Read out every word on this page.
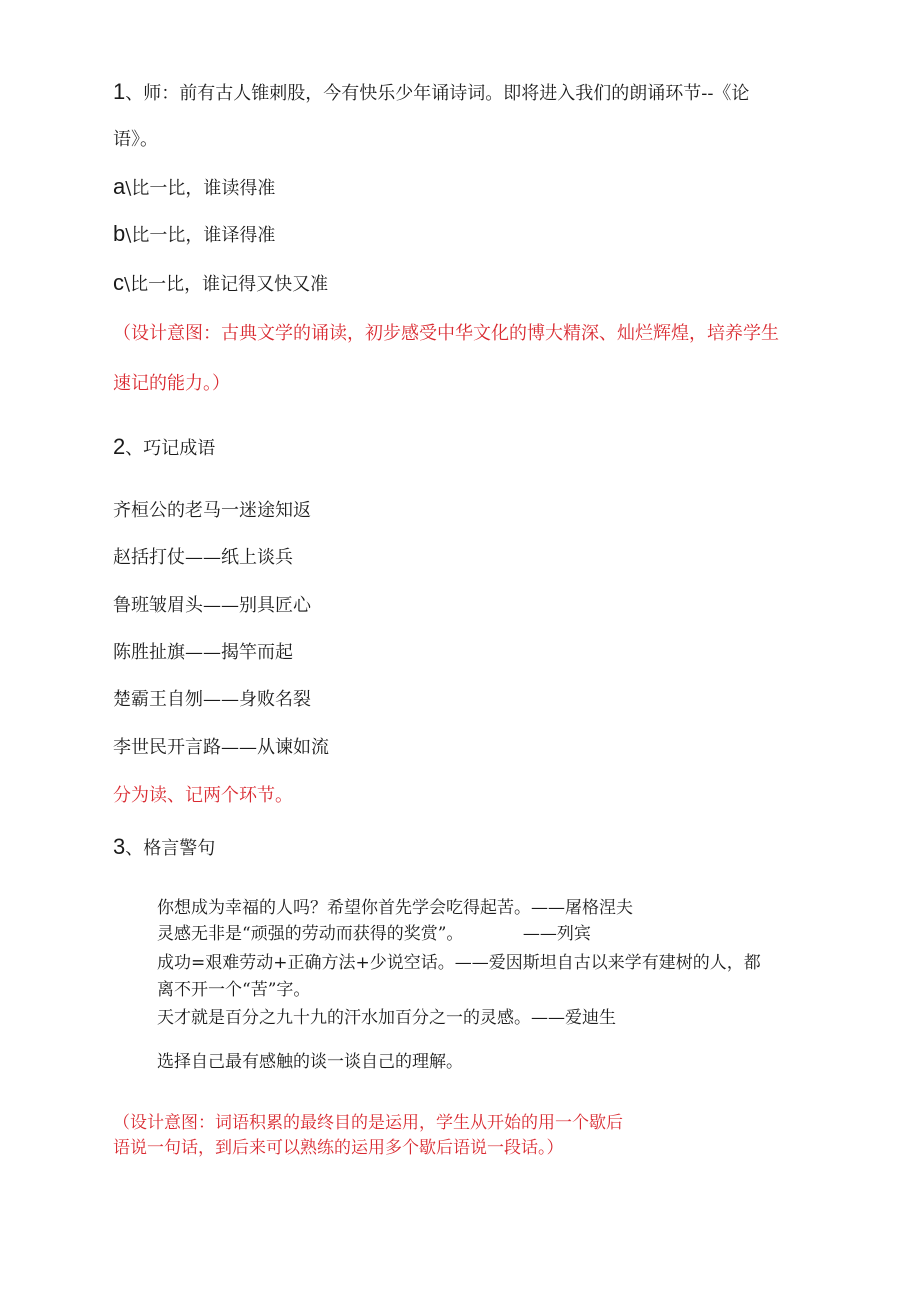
1、师：前有古人锥刺股，今有快乐少年诵诗词。即将进入我们的朗诵环节--《论
语》。
a\比一比，谁读得准
b\比一比，谁译得准
c\比一比，谁记得又快又准
（设计意图：古典文学的诵读，初步感受中华文化的博大精深、灿烂辉煌，培养学生
速记的能力。）
2、巧记成语
齐桓公的老马一迷途知返
赵括打仗——纸上谈兵
鲁班皱眉头——别具匠心
陈胜扯旗——揭竿而起
楚霸王自刎——身败名裂
李世民开言路——从谏如流
分为读、记两个环节。
3、格言警句
你想成为幸福的人吗？希望你首先学会吃得起苦。——屠格涅夫
灵感无非是“顽强的劳动而获得的奖赏”。　　　　——列宾
成功=艰难劳动+正确方法+少说空话。——爱因斯坦自古以来学有建树的人，都
离不开一个“苦”字。
天才就是百分之九十九的汗水加百分之一的灵感。——爱迪生
选择自己最有感触的谈一谈自己的理解。
（设计意图：词语积累的最终目的是运用，学生从开始的用一个歇后
语说一句话，到后来可以熟练的运用多个歇后语说一段话。）
